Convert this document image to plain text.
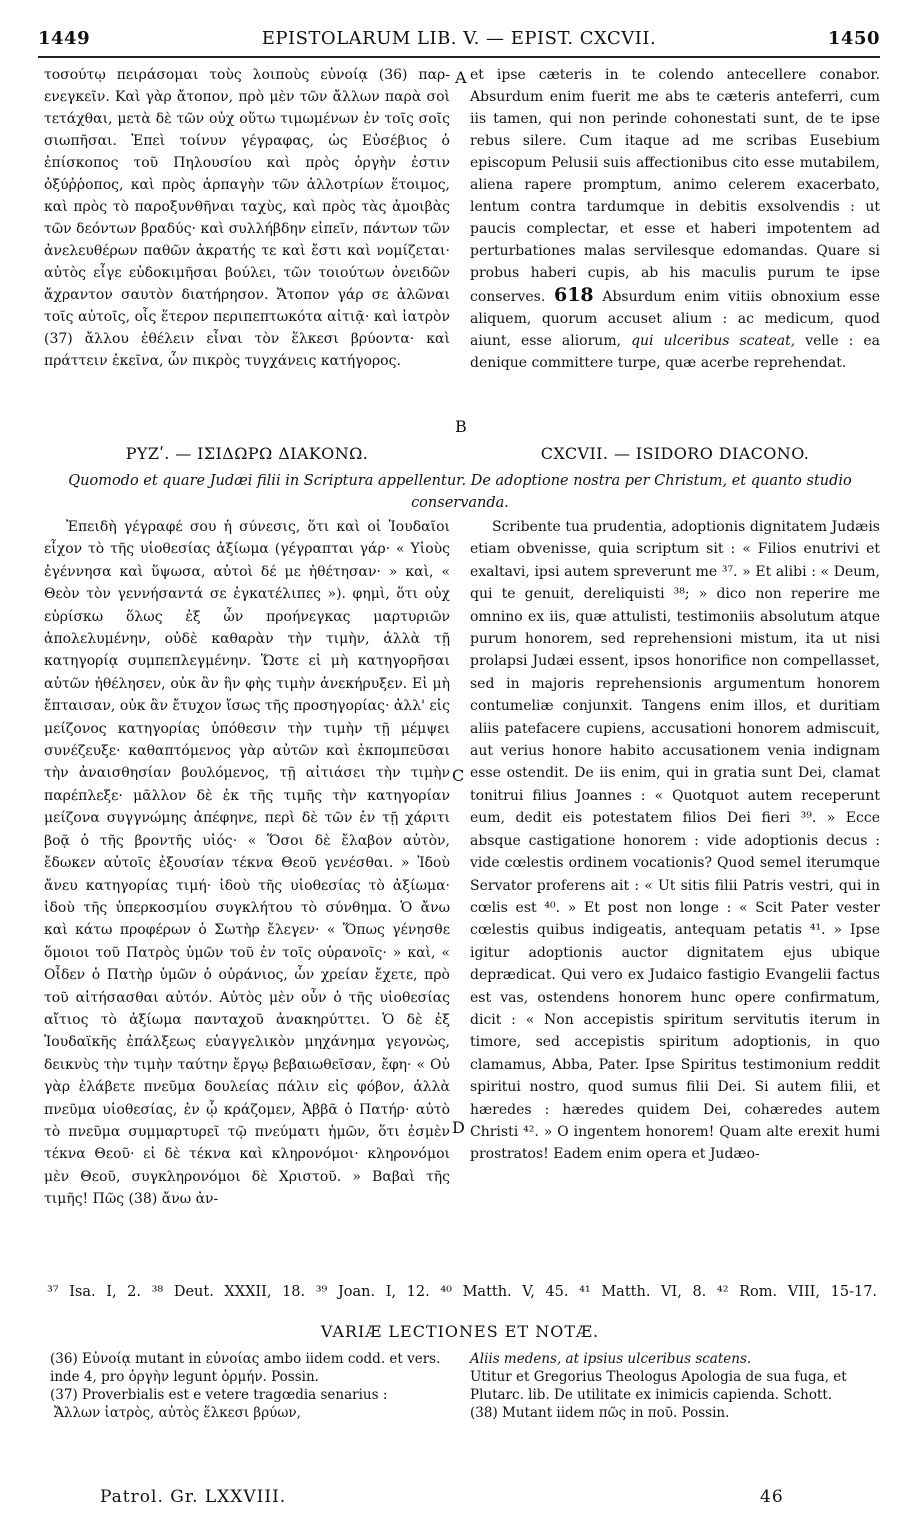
1449	EPISTOLARUM LIB. V. — EPIST. CXCVII.	1450

τοσούτῳ πειράσομαι τοὺς λοιποὺς εὐνοίᾳ (36) παρ- ενεγκεῖν. Καὶ γὰρ ἄτοπον, πρὸ μὲν τῶν ἄλλων παρὰ σοὶ τετάχθαι, μετὰ δὲ τῶν οὐχ οὕτω τιμωμένων ἐν τοῖς σοῖς σιωπῆσαι. Ἐπεὶ τοίνυν γέγραφας, ὡς Εὐσέβιος ὁ ἐπίσκοπος τοῦ Πηλουσίου καὶ πρὸς ὀργὴν ἐστιν ὀξύῤῥοπος, καὶ πρὸς ἁρπαγὴν τῶν ἀλλοτρίων ἕτοιμος, καὶ πρὸς τὸ παροξυνθῆναι ταχὺς, καὶ πρὸς τὰς ἀμοιβὰς τῶν δεόντων βραδύς· καὶ συλλήβδην εἰπεῖν, πάντων τῶν ἀνελευθέρων παθῶν ἀκρατής τε καὶ ἔστι καὶ νομίζεται· αὐτὸς εἶγε εὐδοκιμῆσαι βούλει, τῶν τοιούτων ὀνειδῶν ἄχραντον σαυτὸν διατήρησον. Ἄτοπον γάρ σε ἀλῶναι τοῖς αὐτοῖς, οἷς ἕτερον περιπεπτωκότα αἰτιᾷ· καὶ ἰατρὸν (37) ἄλλου ἐθέλειν εἶναι τὸν ἕλκεσι βρύοντα· καὶ πράττειν ἐκεῖνα, ὧν πικρὸς τυγχάνεις κατήγορος.

et ipse cæteris in te colendo antecellere conabor. Absurdum enim fuerit me abs te cæteris anteferri, cum iis tamen, qui non perinde cohonestati sunt, de te ipse rebus silere. Cum itaque ad me scribas Eusebium episcopum Pelusii suis affectionibus cito esse mutabilem, aliena rapere promptum, animo celerem exacerbato, lentum contra tardumque in debitis exsolvendis : ut paucis complectar, et esse et haberi impotentem ad perturbationes malas servilesque edomandas. Quare si probus haberi cupis, ab his maculis purum te ipse conserves. 618 Absurdum enim vitiis obnoxium esse aliquem, quorum accuset alium : ac medicum, quod aiunt, esse aliorum, qui ulceribus scateat, velle : ea denique committere turpe, quæ acerbe reprehendat.

A
B
C
D
ΡΥΖʹ. — ΙΣΙΔΩΡΩ ΔΙΑΚΟΝΩ.	CXCVII. — ISIDORO DIACONO.
Quomodo et quare Judæi filii in Scriptura appellentur. De adoptione nostra per Christum, et quanto studio conservanda.

Ἐπειδὴ γέγραφέ σου ἡ σύνεσις, ὅτι καὶ οἱ Ἰουδαῖοι εἶχον τὸ τῆς υἱοθεσίας ἀξίωμα (γέγραπται γάρ· « Υἱοὺς ἐγέννησα καὶ ὕψωσα, αὐτοὶ δέ με ἠθέτησαν· » καὶ, « Θεὸν τὸν γεννήσαντά σε ἐγκατέλιπες »). φημὶ, ὅτι οὐχ εὑρίσκω ὅλως ἐξ ὧν προήνεγκας μαρτυριῶν ἀπολελυμένην, οὐδὲ καθαρὰν τὴν τιμὴν, ἀλλὰ τῇ κατηγορίᾳ συμπεπλεγμένην. Ὥστε εἰ μὴ κατηγορῆσαι αὐτῶν ἠθέλησεν, οὐκ ἂν ἣν φὴς τιμὴν ἀνεκήρυξεν. Εἰ μὴ ἔπταισαν, οὐκ ἂν ἔτυχον ἴσως τῆς προσηγορίας· ἀλλ' εἰς μείζονος κατηγορίας ὑπόθεσιν τὴν τιμὴν τῇ μέμψει συνέζευξε· καθαπτόμενος γὰρ αὐτῶν καὶ ἐκπομπεῦσαι τὴν ἀναισθησίαν βουλόμενος, τῇ αἰτιάσει τὴν τιμὴν παρέπλεξε· μᾶλλον δὲ ἐκ τῆς τιμῆς τὴν κατηγορίαν μείζονα συγγνώμης ἀπέφηνε, περὶ δὲ τῶν ἐν τῇ χάριτι βοᾷ ὁ τῆς βροντῆς υἱός· « Ὅσοι δὲ ἔλαβον αὐτὸν, ἔδωκεν αὐτοῖς ἐξουσίαν τέκνα Θεοῦ γενέσθαι. » Ἰδοὺ ἄνευ κατηγορίας τιμή· ἰδοὺ τῆς υἱοθεσίας τὸ ἀξίωμα· ἰδοὺ τῆς ὑπερκοσμίου συγκλήτου τὸ σύνθημα. Ὁ ἄνω καὶ κάτω προφέρων ὁ Σωτὴρ ἔλεγεν· « Ὅπως γένησθε ὅμοιοι τοῦ Πατρὸς ὑμῶν τοῦ ἐν τοῖς οὐρανοῖς· » καὶ, « Οἶδεν ὁ Πατὴρ ὑμῶν ὁ οὐράνιος, ὧν χρείαν ἔχετε, πρὸ τοῦ αἰτήσασθαι αὐτόν. Αὐτὸς μὲν οὖν ὁ τῆς υἱοθεσίας αἴτιος τὸ ἀξίωμα πανταχοῦ ἀνακηρύττει. Ὁ δὲ ἐξ Ἰουδαϊκῆς ἐπάλξεως εὐαγγελικὸν μηχάνημα γεγονὼς, δεικνὺς τὴν τιμὴν ταύτην ἔργῳ βεβαιωθεῖσαν, ἔφη· « Οὐ γὰρ ἐλάβετε πνεῦμα δουλείας πάλιν εἰς φόβον, ἀλλὰ πνεῦμα υἱοθεσίας, ἐν ᾧ κράζομεν, Ἀββᾶ ὁ Πατήρ· αὐτὸ τὸ πνεῦμα συμμαρτυρεῖ τῷ πνεύματι ἡμῶν, ὅτι ἐσμὲν τέκνα Θεοῦ· εἰ δὲ τέκνα καὶ κληρονόμοι· κληρονόμοι μὲν Θεοῦ, συγκληρονόμοι δὲ Χριστοῦ. » Βαβαὶ τῆς τιμῆς! Πῶς (38) ἄνω ἀν-

Scribente tua prudentia, adoptionis dignitatem Judæis etiam obvenisse, quia scriptum sit : « Filios enutrivi et exaltavi, ipsi autem spreverunt me ³⁷. » Et alibi : « Deum, qui te genuit, dereliquisti ³⁸; » dico non reperire me omnino ex iis, quæ attulisti, testimoniis absolutum atque purum honorem, sed reprehensioni mistum, ita ut nisi prolapsi Judæi essent, ipsos honorifice non compellasset, sed in majoris reprehensionis argumentum honorem contumeliæ conjunxit. Tangens enim illos, et duritiam aliis patefacere cupiens, accusationi honorem admiscuit, aut verius honore habito accusationem venia indignam esse ostendit. De iis enim, qui in gratia sunt Dei, clamat tonitrui filius Joannes : « Quotquot autem receperunt eum, dedit eis potestatem filios Dei fieri ³⁹. » Ecce absque castigatione honorem : vide adoptionis decus : vide cœlestis ordinem vocationis? Quod semel iterumque Servator proferens ait : « Ut sitis filii Patris vestri, qui in cœlis est ⁴⁰. » Et post non longe : « Scit Pater vester cœlestis quibus indigeatis, antequam petatis ⁴¹. » Ipse igitur adoptionis auctor dignitatem ejus ubique deprædicat. Qui vero ex Judaico fastigio Evangelii factus est vas, ostendens honorem hunc opere confirmatum, dicit : « Non accepistis spiritum servitutis iterum in timore, sed accepistis spiritum adoptionis, in quo clamamus, Abba, Pater. Ipse Spiritus testimonium reddit spiritui nostro, quod sumus filii Dei. Si autem filii, et hæredes : hæredes quidem Dei, cohæredes autem Christi ⁴². » O ingentem honorem! Quam alte erexit humi prostratos! Eadem enim opera et Judæo-

³⁷ Isa. I, 2. ³⁸ Deut. XXXII, 18. ³⁹ Joan. I, 12. ⁴⁰ Matth. V, 45. ⁴¹ Matth. VI, 8. ⁴² Rom. VIII, 15-17.
VARIÆ LECTIONES ET NOTÆ.

(36) Εὐνοίᾳ mutant in εὐνοίας ambo iidem codd. et vers. inde 4, pro ὀργὴν legunt ὁρμήν. Possin.

(37) Proverbialis est e vetere tragœdia senarius :

Ἄλλων ἰατρὸς, αὐτὸς ἕλκεσι βρύων,

Aliis medens, at ipsius ulceribus scatens.

Utitur et Gregorius Theologus Apologia de sua fuga, et Plutarc. lib. De utilitate ex inimicis capienda. Schott.

(38) Mutant iidem πῶς in ποῦ. Possin.

Patrol. Gr. LXXVIII.	46
